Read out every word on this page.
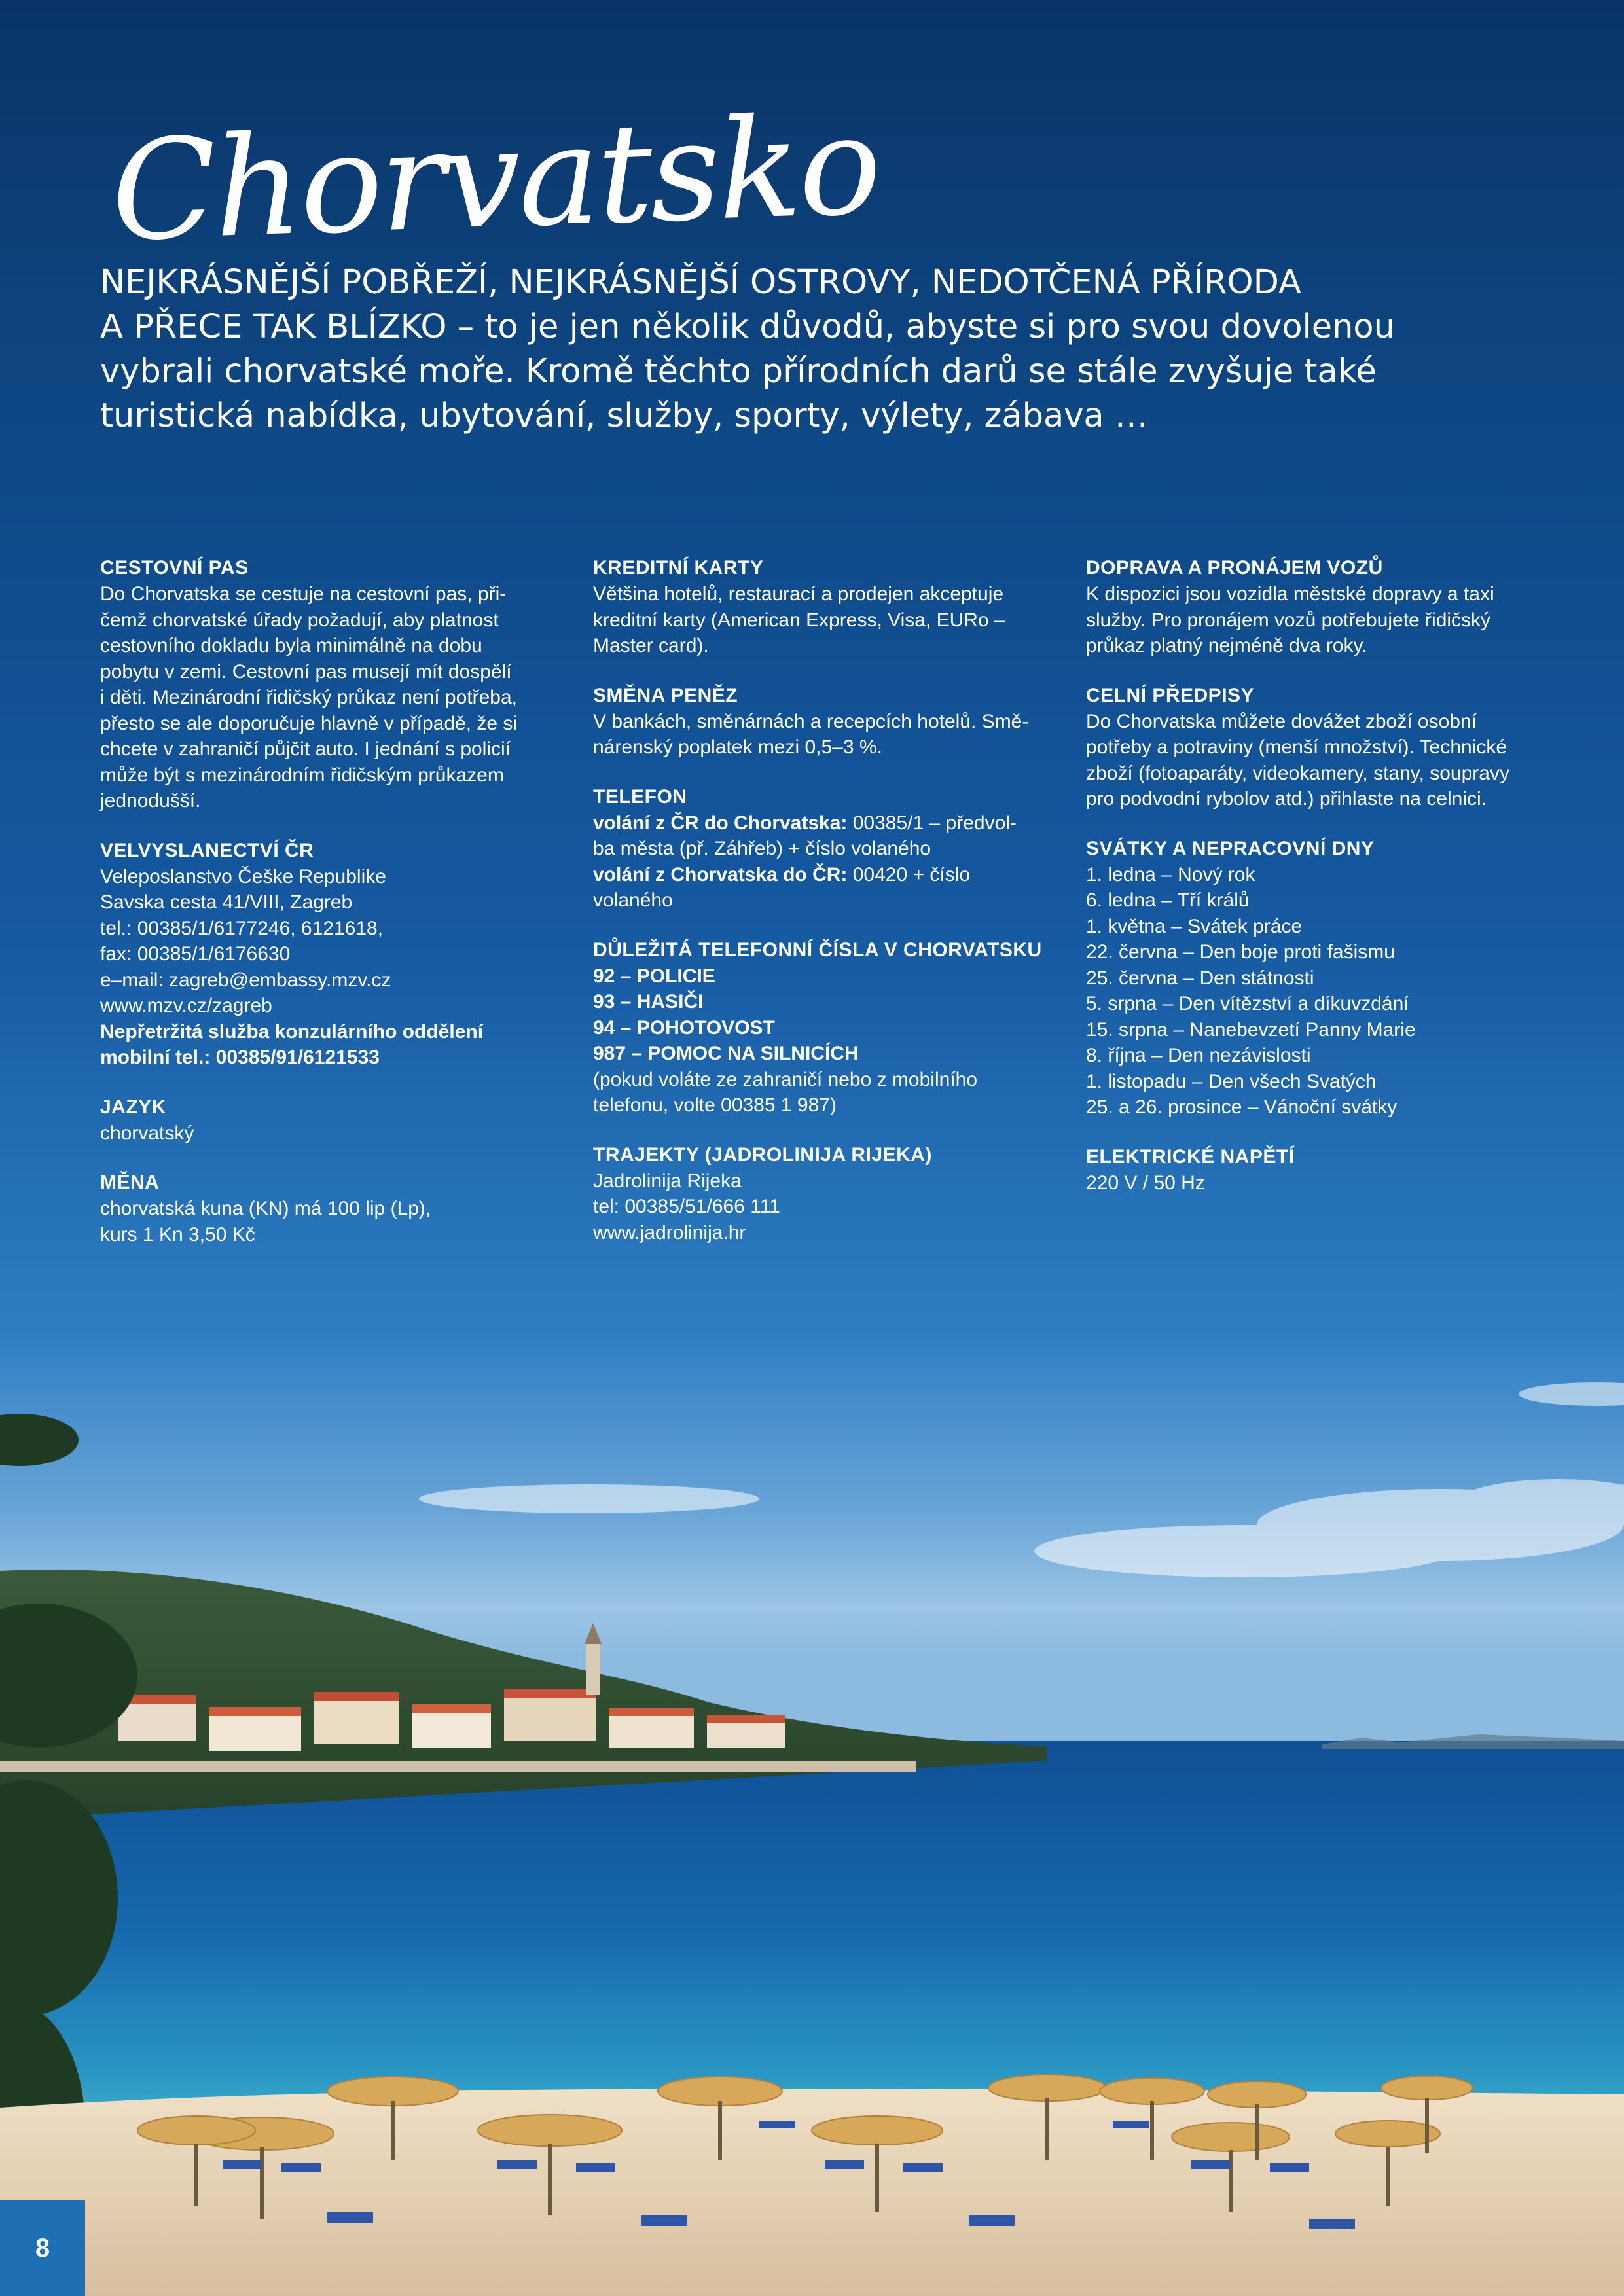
Chorvatsko
NEJKRÁSNĚJŠÍ POBŘEŽÍ, NEJKRÁSNĚJŠÍ OSTROVY, NEDOTČENÁ PŘÍRODA
A PŘECE TAK BLÍZKO – to je jen několik důvodů, abyste si pro svou dovolenou
vybrali chorvatské moře. Kromě těchto přírodních darů se stále zvyšuje také
turistická nabídka, ubytování, služby, sporty, výlety, zábava …

CESTOVNÍ PAS

Do Chorvatska se cestuje na cestovní pas, při-

čemž chorvatské úřady požadují, aby platnost

cestovního dokladu byla minimálně na dobu

pobytu v zemi. Cestovní pas musejí mít dospělí

i děti. Mezinárodní řidičský průkaz není potřeba,

přesto se ale doporučuje hlavně v případě, že si

chcete v zahraničí půjčit auto. I jednání s policií

může být s mezinárodním řidičským průkazem

jednodušší.

VELVYSLANECTVÍ ČR

Veleposlanstvo Češke Republike

Savska cesta 41/VIII, Zagreb

tel.: 00385/1/6177246, 6121618,

fax: 00385/1/6176630

e–mail: zagreb@embassy.mzv.cz

www.mzv.cz/zagreb

Nepřetržitá služba konzulárního oddělení

mobilní tel.: 00385/91/6121533

JAZYK

chorvatský

MĚNA

chorvatská kuna (KN) má 100 lip (Lp),

kurs 1 Kn 3,50 Kč

KREDITNÍ KARTY

Většina hotelů, restaurací a prodejen akceptuje

kreditní karty (American Express, Visa, EURo –

Master card).

SMĚNA PENĚZ

V bankách, směnárnách a recepcích hotelů. Smě-

nárenský poplatek mezi 0,5–3 %.

TELEFON

volání z ČR do Chorvatska: 00385/1 – předvol-

ba města (př. Záhřeb) + číslo volaného

volání z Chorvatska do ČR: 00420 + číslo

volaného

DŮLEŽITÁ TELEFONNÍ ČÍSLA V CHORVATSKU

92 – POLICIE

93 – HASIČI

94 – POHOTOVOST

987 – POMOC NA SILNICÍCH

(pokud voláte ze zahraničí nebo z mobilního

telefonu, volte 00385 1 987)

TRAJEKTY (JADROLINIJA RIJEKA)

Jadrolinija Rijeka

tel: 00385/51/666 111

www.jadrolinija.hr

DOPRAVA A PRONÁJEM VOZŮ

K dispozici jsou vozidla městské dopravy a taxi

služby. Pro pronájem vozů potřebujete řidičský

průkaz platný nejméně dva roky.

CELNÍ PŘEDPISY

Do Chorvatska můžete dovážet zboží osobní

potřeby a potraviny (menší množství). Technické

zboží (fotoaparáty, videokamery, stany, soupravy

pro podvodní rybolov atd.) přihlaste na celnici.

SVÁTKY A NEPRACOVNÍ DNY

1. ledna – Nový rok

6. ledna – Tří králů

1. května – Svátek práce

22. června – Den boje proti fašismu

25. června – Den státnosti

5. srpna – Den vítězství a díkuvzdání

15. srpna – Nanebevzetí Panny Marie

8. října – Den nezávislosti

1. listopadu – Den všech Svatých

25. a 26. prosince – Vánoční svátky

ELEKTRICKÉ NAPĚTÍ

220 V / 50 Hz

8
